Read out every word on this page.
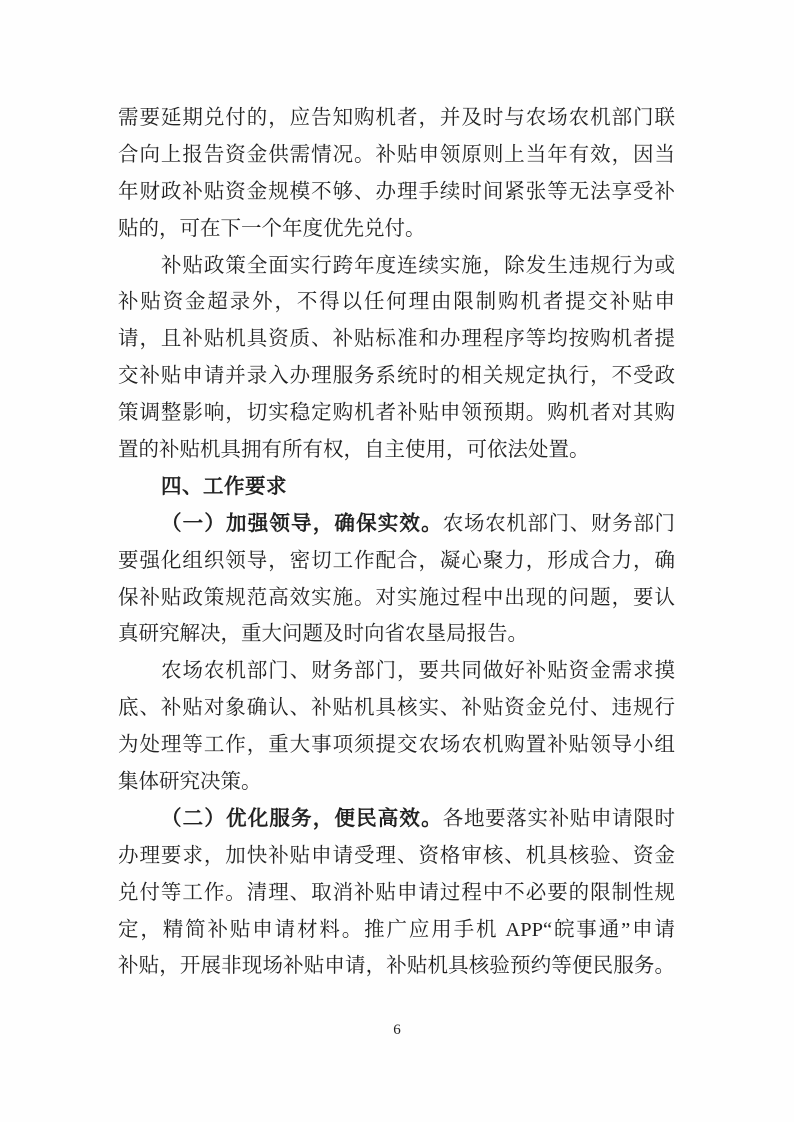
需要延期兑付的，应告知购机者，并及时与农场农机部门联
合向上报告资金供需情况。补贴申领原则上当年有效，因当
年财政补贴资金规模不够、办理手续时间紧张等无法享受补
贴的，可在下一个年度优先兑付。
补贴政策全面实行跨年度连续实施，除发生违规行为或
补贴资金超录外，不得以任何理由限制购机者提交补贴申
请，且补贴机具资质、补贴标准和办理程序等均按购机者提
交补贴申请并录入办理服务系统时的相关规定执行，不受政
策调整影响，切实稳定购机者补贴申领预期。购机者对其购
置的补贴机具拥有所有权，自主使用，可依法处置。
四、工作要求
（一）加强领导，确保实效。农场农机部门、财务部门
要强化组织领导，密切工作配合，凝心聚力，形成合力，确
保补贴政策规范高效实施。对实施过程中出现的问题，要认
真研究解决，重大问题及时向省农垦局报告。
农场农机部门、财务部门，要共同做好补贴资金需求摸
底、补贴对象确认、补贴机具核实、补贴资金兑付、违规行
为处理等工作，重大事项须提交农场农机购置补贴领导小组
集体研究决策。
（二）优化服务，便民高效。各地要落实补贴申请限时
办理要求，加快补贴申请受理、资格审核、机具核验、资金
兑付等工作。清理、取消补贴申请过程中不必要的限制性规
定，精简补贴申请材料。推广应用手机 APP“皖事通”申请
补贴，开展非现场补贴申请，补贴机具核验预约等便民服务。
6
